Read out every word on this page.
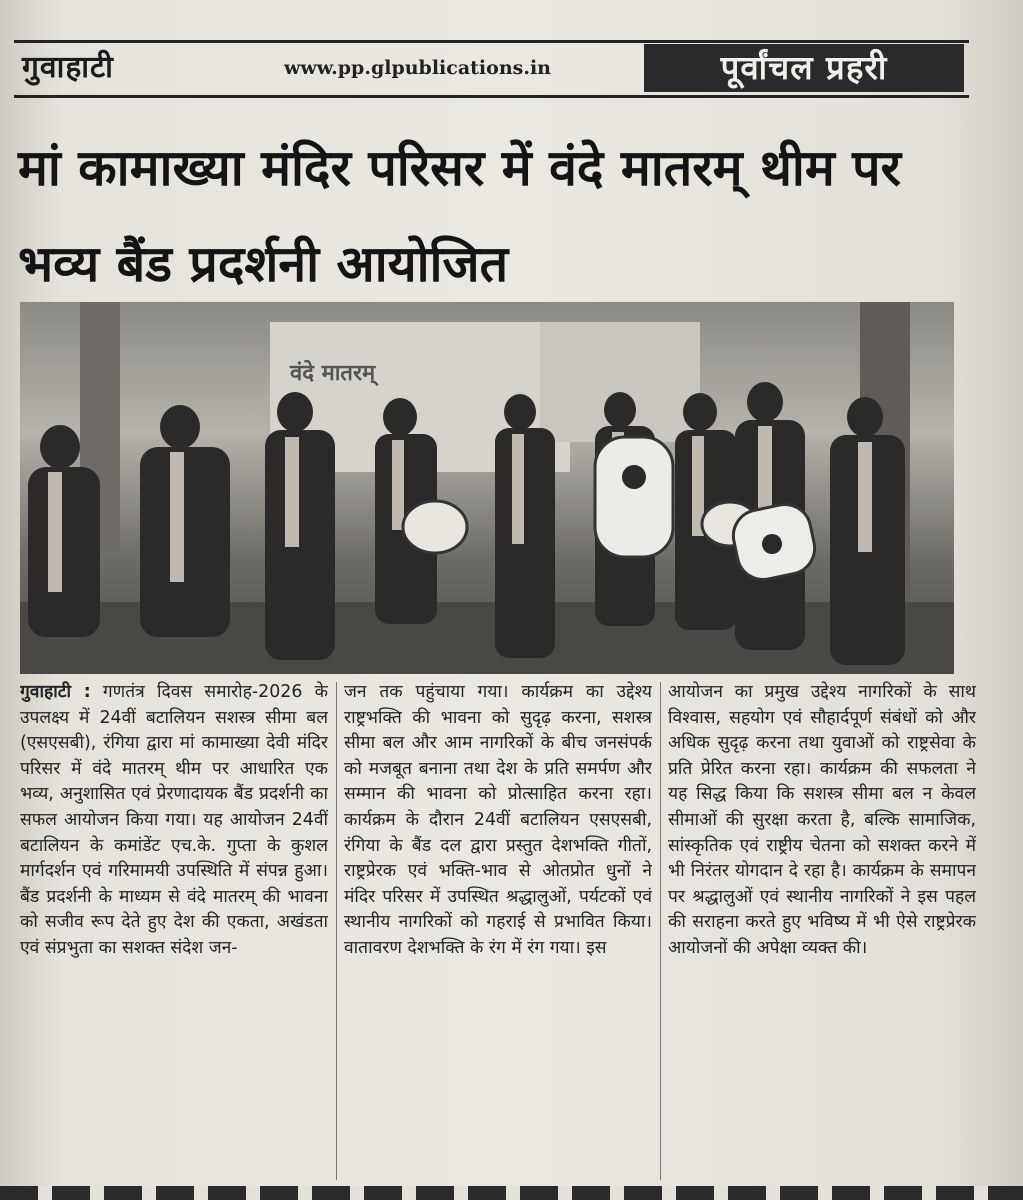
गुवाहाटी	www.pp.glpublications.in	पूर्वांचल प्रहरी
मां कामाख्या मंदिर परिसर में वंदे मातरम् थीम पर भव्य बैंड प्रदर्शनी आयोजित
वंदे मातरम्
गुवाहाटी : गणतंत्र दिवस समारोह-2026 के उपलक्ष्य में 24वीं बटालियन सशस्त्र सीमा बल (एसएसबी), रंगिया द्वारा मां कामाख्या देवी मंदिर परिसर में वंदे मातरम् थीम पर आधारित एक भव्य, अनुशासित एवं प्रेरणादायक बैंड प्रदर्शनी का सफल आयोजन किया गया। यह आयोजन 24वीं बटालियन के कमांडेंट एच.के. गुप्ता के कुशल मार्गदर्शन एवं गरिमामयी उपस्थिति में संपन्न हुआ। बैंड प्रदर्शनी के माध्यम से वंदे मातरम् की भावना को सजीव रूप देते हुए देश की एकता, अखंडता एवं संप्रभुता का सशक्त संदेश जन-
जन तक पहुंचाया गया। कार्यक्रम का उद्देश्य राष्ट्रभक्ति की भावना को सुदृढ़ करना, सशस्त्र सीमा बल और आम नागरिकों के बीच जनसंपर्क को मजबूत बनाना तथा देश के प्रति समर्पण और सम्मान की भावना को प्रोत्साहित करना रहा। कार्यक्रम के दौरान 24वीं बटालियन एसएसबी, रंगिया के बैंड दल द्वारा प्रस्तुत देशभक्ति गीतों, राष्ट्रप्रेरक एवं भक्ति-भाव से ओतप्रोत धुनों ने मंदिर परिसर में उपस्थित श्रद्धालुओं, पर्यटकों एवं स्थानीय नागरिकों को गहराई से प्रभावित किया। वातावरण देशभक्ति के रंग में रंग गया। इस
आयोजन का प्रमुख उद्देश्य नागरिकों के साथ विश्वास, सहयोग एवं सौहार्दपूर्ण संबंधों को और अधिक सुदृढ़ करना तथा युवाओं को राष्ट्रसेवा के प्रति प्रेरित करना रहा। कार्यक्रम की सफलता ने यह सिद्ध किया कि सशस्त्र सीमा बल न केवल सीमाओं की सुरक्षा करता है, बल्कि सामाजिक, सांस्कृतिक एवं राष्ट्रीय चेतना को सशक्त करने में भी निरंतर योगदान दे रहा है। कार्यक्रम के समापन पर श्रद्धालुओं एवं स्थानीय नागरिकों ने इस पहल की सराहना करते हुए भविष्य में भी ऐसे राष्ट्रप्रेरक आयोजनों की अपेक्षा व्यक्त की।
